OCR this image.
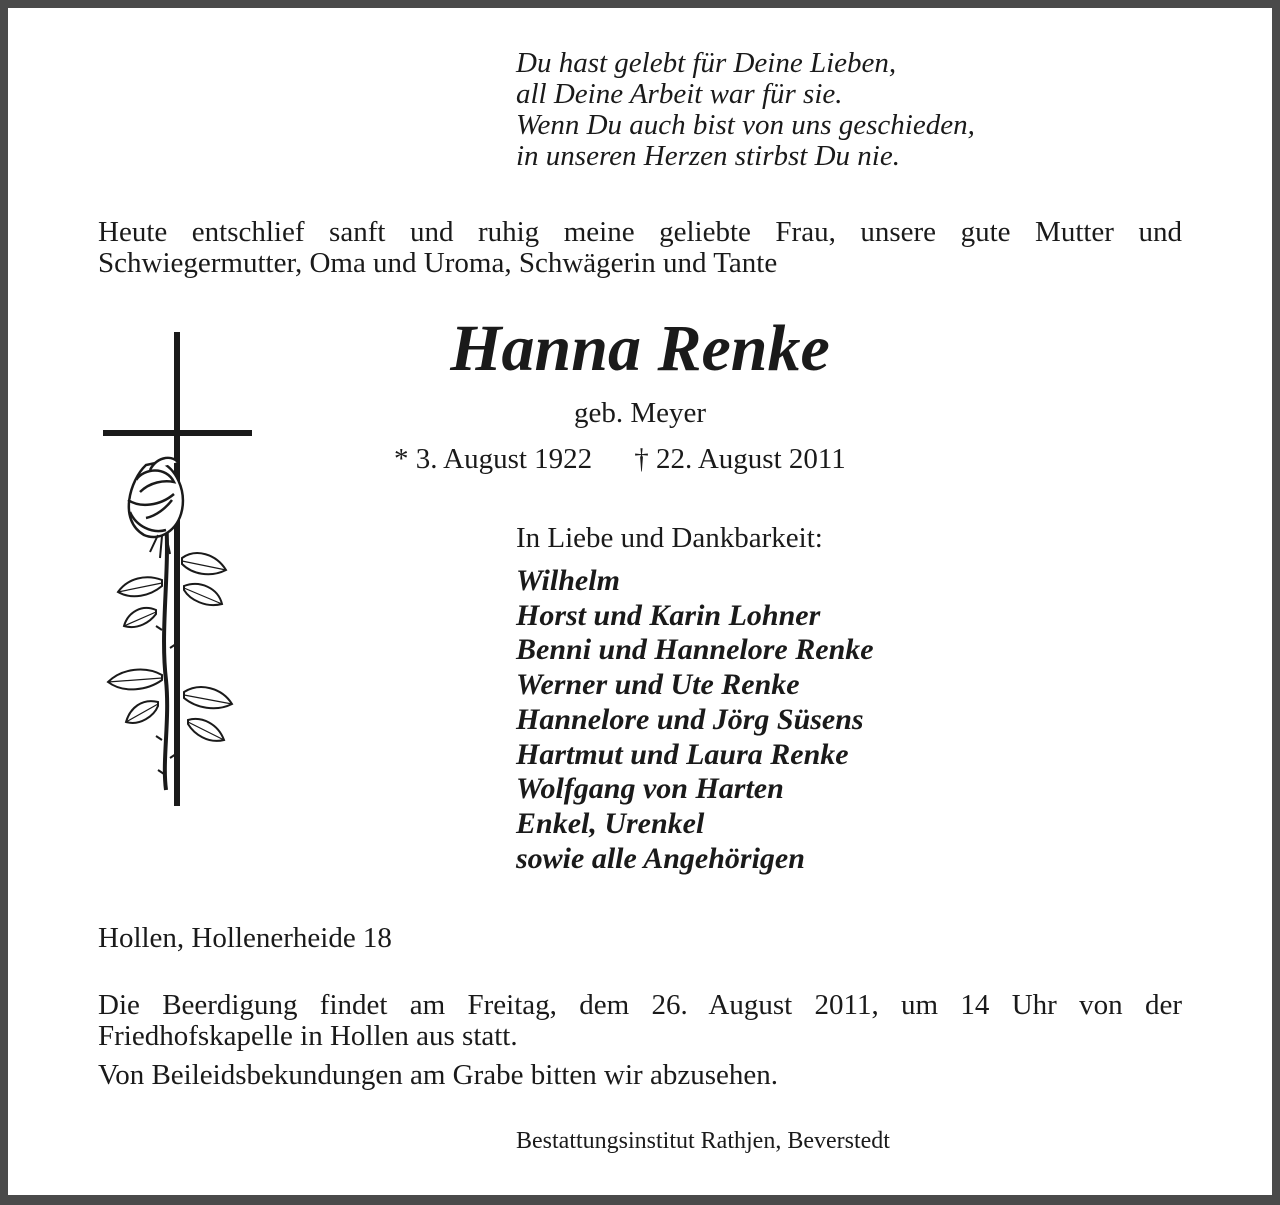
Du hast gelebt für Deine Lieben,
all Deine Arbeit war für sie.
Wenn Du auch bist von uns geschieden,
in unseren Herzen stirbst Du nie.

Heute entschlief sanft und ruhig meine geliebte Frau, unsere gute Mutter und Schwiegermutter, Oma und Uroma, Schwägerin und Tante

Hanna Renke
geb. Meyer
* 3. August 1922 † 22. August 2011
In Liebe und Dankbarkeit:
Wilhelm
Horst und Karin Lohner
Benni und Hannelore Renke
Werner und Ute Renke
Hannelore und Jörg Süsens
Hartmut und Laura Renke
Wolfgang von Harten
Enkel, Urenkel
sowie alle Angehörigen
Hollen, Hollenerheide 18

Die Beerdigung findet am Freitag, dem 26. August 2011, um 14 Uhr von der Friedhofskapelle in Hollen aus statt.

Von Beileidsbekundungen am Grabe bitten wir abzusehen.
Bestattungsinstitut Rathjen, Beverstedt
